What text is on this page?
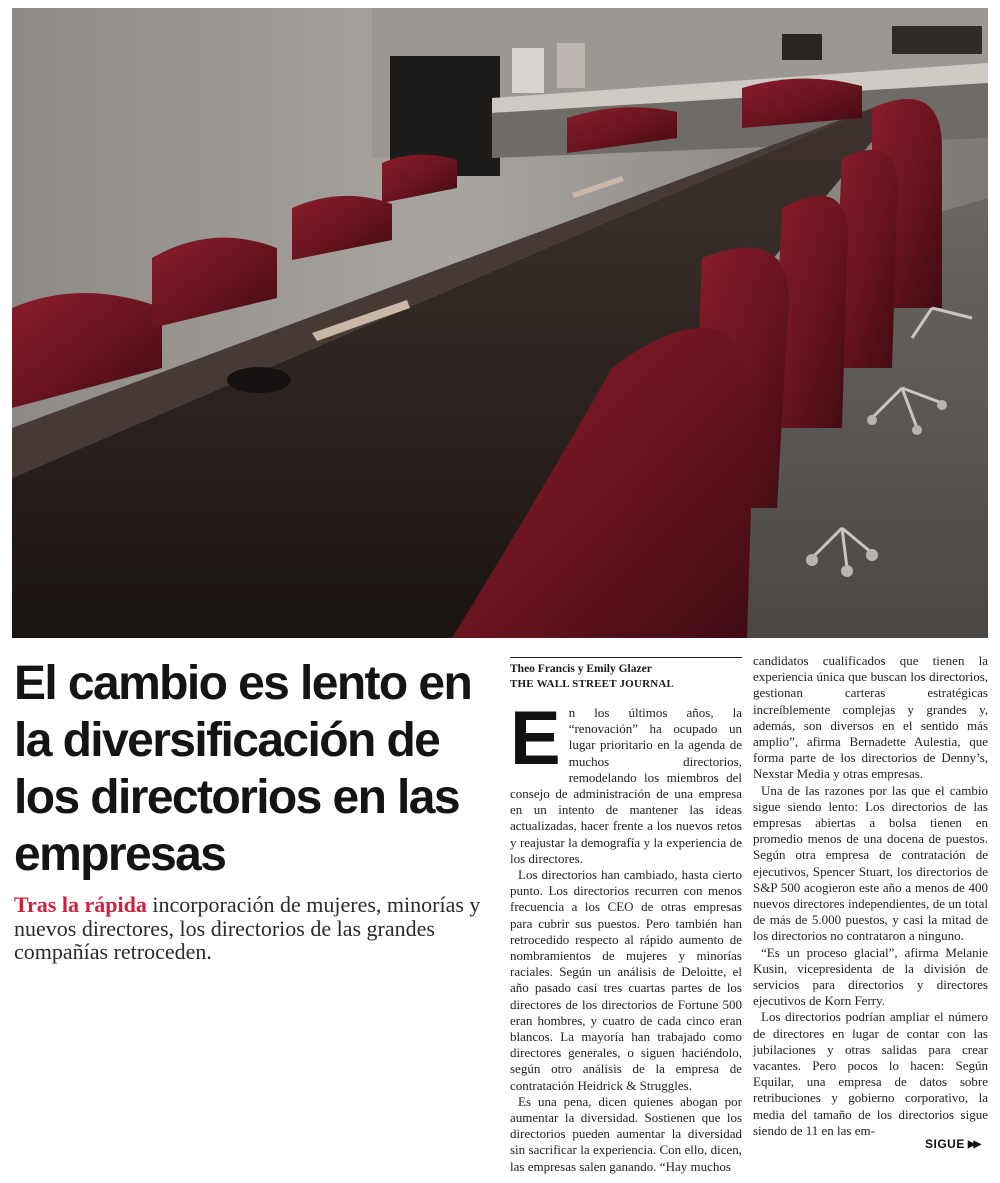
El cambio es lento en la diversificación de los directorios en las empresas

Tras la rápida incorporación de mujeres, minorías y nuevos directores, los directorios de las grandes compañías retroceden.

Theo Francis y Emily Glazer
THE WALL STREET JOURNAL

En los últimos años, la “renovación” ha ocupado un lugar prioritario en la agenda de muchos directorios, remodelando los miembros del consejo de administración de una empresa en un intento de mantener las ideas actualizadas, hacer frente a los nuevos retos y reajustar la demografía y la experiencia de los directores.

Los directorios han cambiado, hasta cierto punto. Los directorios recurren con menos frecuencia a los CEO de otras empresas para cubrir sus puestos. Pero también han retrocedido respecto al rápido aumento de nombramientos de mujeres y minorías raciales. Según un análisis de Deloitte, el año pasado casi tres cuartas partes de los directores de los directorios de Fortune 500 eran hombres, y cuatro de cada cinco eran blancos. La mayoría han trabajado como directores generales, o siguen haciéndolo, según otro análisis de la empresa de contratación Heidrick & Struggles.

Es una pena, dicen quienes abogan por aumentar la diversidad. Sostienen que los directorios pueden aumentar la diversidad sin sacrificar la experiencia. Con ello, dicen, las empresas salen ganando. “Hay muchos

candidatos cualificados que tienen la experiencia única que buscan los directorios, gestionan carteras estratégicas increíblemente complejas y grandes y, además, son diversos en el sentido más amplio”, afirma Bernadette Aulestia, que forma parte de los directorios de Denny’s, Nexstar Media y otras empresas.

Una de las razones por las que el cambio sigue siendo lento: Los directorios de las empresas abiertas a bolsa tienen en promedio menos de una docena de puestos. Según otra empresa de contratación de ejecutivos, Spencer Stuart, los directorios de S&P 500 acogieron este año a menos de 400 nuevos directores independientes, de un total de más de 5.000 puestos, y casi la mitad de los directorios no contrataron a ninguno.

“Es un proceso glacial”, afirma Melanie Kusin, vicepresidenta de la división de servicios para directorios y directores ejecutivos de Korn Ferry.

Los directorios podrían ampliar el número de directores en lugar de contar con las jubilaciones y otras salidas para crear vacantes. Pero pocos lo hacen: Según Equilar, una empresa de datos sobre retribuciones y gobierno corporativo, la media del tamaño de los directorios sigue siendo de 11 en las em-

SIGUE ▶▶
